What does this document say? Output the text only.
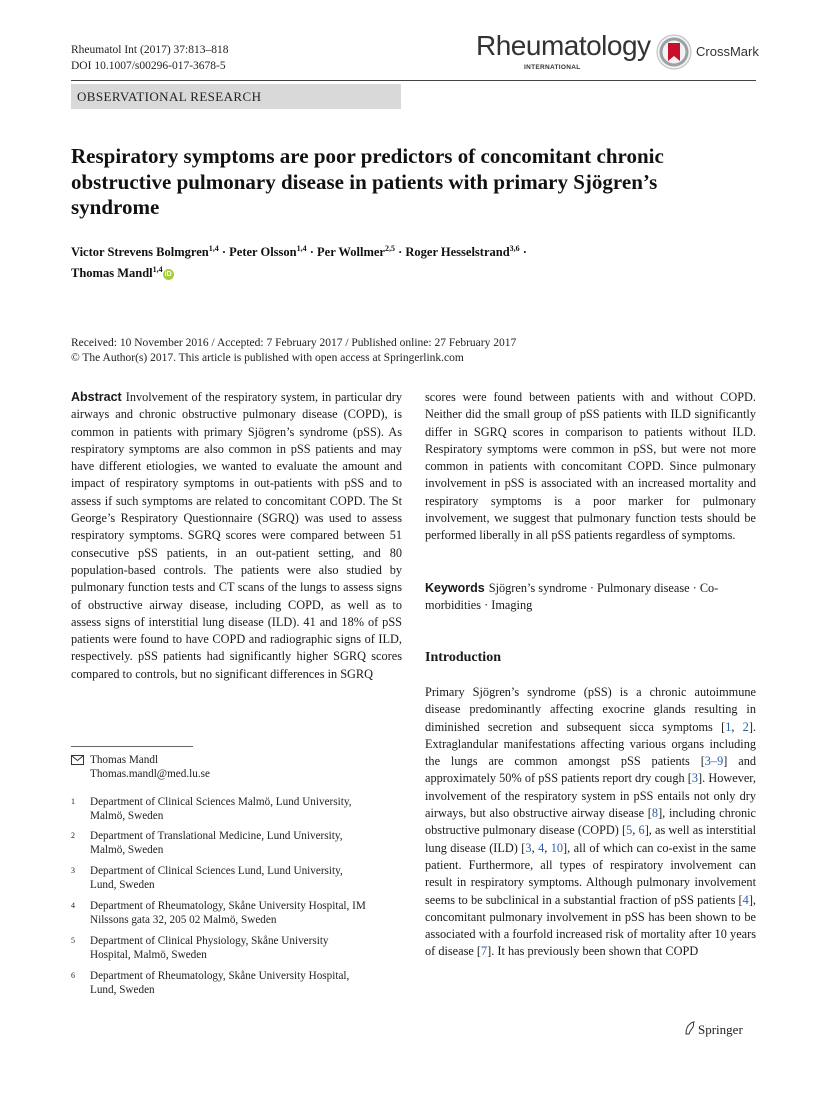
Rheumatol Int (2017) 37:813–818
DOI 10.1007/s00296-017-3678-5
Rheumatology
INTERNATIONAL
CrossMark
OBSERVATIONAL RESEARCH
Respiratory symptoms are poor predictors of concomitant chronic obstructive pulmonary disease in patients with primary Sjögren’s syndrome
Victor Strevens Bolmgren$^{1,4}$ · Peter Olsson$^{1,4}$ · Per Wollmer$^{2,5}$ · Roger Hesselstrand$^{3,6}$ ·
Thomas Mandl$^{1,4}$iD
Received: 10 November 2016 / Accepted: 7 February 2017 / Published online: 27 February 2017
© The Author(s) 2017. This article is published with open access at Springerlink.com

Abstract Involvement of the respiratory system, in particular dry airways and chronic obstructive pulmonary disease (COPD), is common in patients with primary Sjögren’s syndrome (pSS). As respiratory symptoms are also common in pSS patients and may have different etiologies, we wanted to evaluate the amount and impact of respiratory symptoms in out-patients with pSS and to assess if such symptoms are related to concomitant COPD. The St George’s Respiratory Questionnaire (SGRQ) was used to assess respiratory symptoms. SGRQ scores were compared between 51 consecutive pSS patients, in an out-patient setting, and 80 population-based controls. The patients were also studied by pulmonary function tests and CT scans of the lungs to assess signs of obstructive airway disease, including COPD, as well as to assess signs of interstitial lung disease (ILD). 41 and 18% of pSS patients were found to have COPD and radiographic signs of ILD, respectively. pSS patients had significantly higher SGRQ scores compared to controls, but no significant differences in SGRQ

scores were found between patients with and without COPD. Neither did the small group of pSS patients with ILD significantly differ in SGRQ scores in comparison to patients without ILD. Respiratory symptoms were common in pSS, but were not more common in patients with concomitant COPD. Since pulmonary involvement in pSS is associated with an increased mortality and respiratory symptoms is a poor marker for pulmonary involvement, we suggest that pulmonary function tests should be performed liberally in all pSS patients regardless of symptoms.

Keywords Sjögren’s syndrome · Pulmonary disease · Co-morbidities · Imaging

Introduction

Primary Sjögren’s syndrome (pSS) is a chronic autoimmune disease predominantly affecting exocrine glands resulting in diminished secretion and subsequent sicca symptoms [1, 2]. Extraglandular manifestations affecting various organs including the lungs are common amongst pSS patients [3–9] and approximately 50% of pSS patients report dry cough [3]. However, involvement of the respiratory system in pSS entails not only dry airways, but also obstructive airway disease [8], including chronic obstructive pulmonary disease (COPD) [5, 6], as well as interstitial lung disease (ILD) [3, 4, 10], all of which can co-exist in the same patient. Furthermore, all types of respiratory involvement can result in respiratory symptoms. Although pulmonary involvement seems to be subclinical in a substantial fraction of pSS patients [4], concomitant pulmonary involvement in pSS has been shown to be associated with a fourfold increased risk of mortality after 10 years of disease [7]. It has previously been shown that COPD

Thomas Mandl
Thomas.mandl@med.lu.se
1 Department of Clinical Sciences Malmö, Lund University,
Malmö, Sweden
2 Department of Translational Medicine, Lund University,
Malmö, Sweden
3 Department of Clinical Sciences Lund, Lund University,
Lund, Sweden
4 Department of Rheumatology, Skåne University Hospital, IM
Nilssons gata 32, 205 02 Malmö, Sweden
5 Department of Clinical Physiology, Skåne University
Hospital, Malmö, Sweden
6 Department of Rheumatology, Skåne University Hospital,
Lund, Sweden
Springer
